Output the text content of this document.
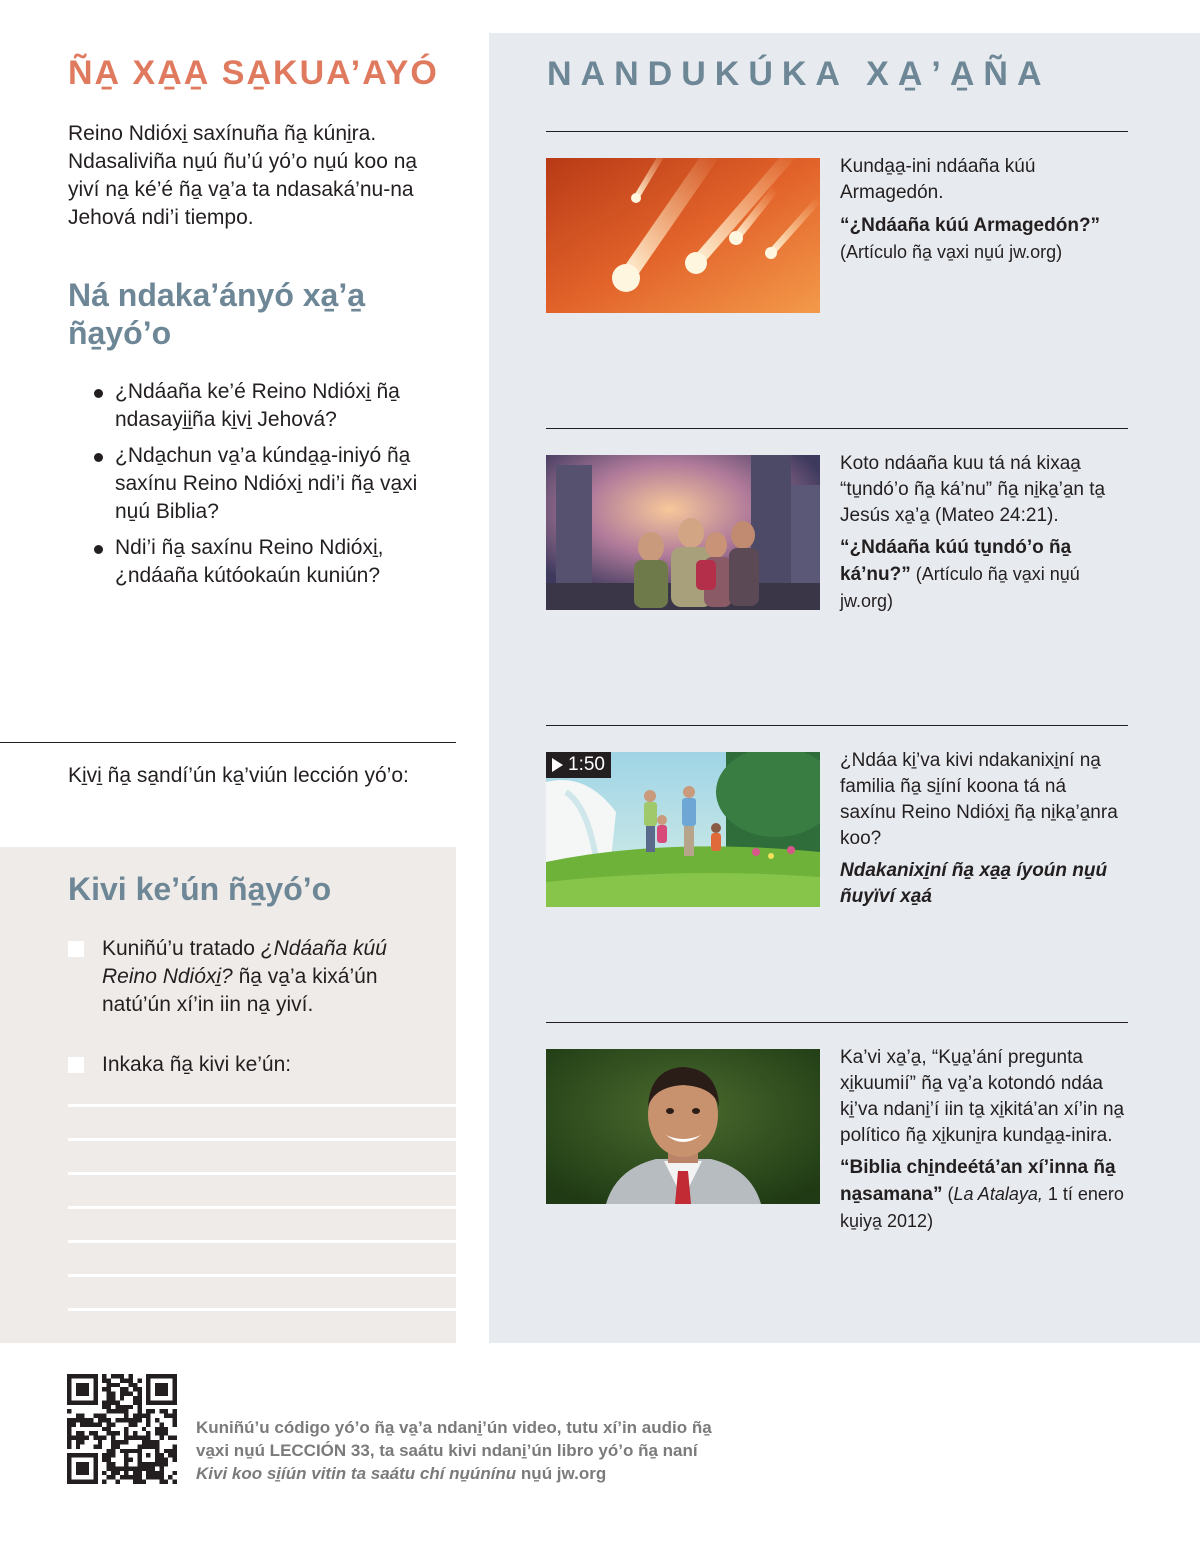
ÑA̱ XA̱A̱ SA̱KUA’AYÓ

Reino Ndióxi̱ saxínuña ña̱ kúni̱ra. Ndasaliviña nu̱ú ñu’ú yó’o nu̱ú koo na̱ yiví na̱ ké’é ña̱ va̱’a ta ndasaká’nu-na Jehová ndi’i tiempo.

Ná ndaka’ányó xa̱’a̱ ña̱yó’o
¿Ndáaña ke’é Reino Ndióxi̱ ña̱ ndasayi̱i̱ña ki̱vi̱ Jehová?
¿Nda̱chun va̱’a kúnda̱a̱-iniyó ña̱ saxínu Reino Ndióxi̱ ndi’i ña̱ va̱xi nu̱ú Biblia?
Ndi’i ña̱ saxínu Reino Ndióxi̱, ¿ndáaña kútóokaún kuniún?

Ki̱vi̱ ña̱ sa̱ndí’ún ka̱’viún lección yó’o:

Kivi ke’ún ña̱yó’o
Kuniñú’u tratado ¿Ndáaña kúú Reino Ndióxi̱? ña̱ va̱’a kixá’ún natú’ún xí’in iin na̱ yiví.
Inkaka ña̱ kivi ke’ún:
NANDUKÚKA XA̱’A̱ÑA
Kunda̱a̱-ini ndáaña kúú Armagedón.
“¿Ndáaña kúú Armagedón?” (Artículo ña̱ va̱xi nu̱ú jw.org)
Koto ndáaña kuu tá ná kixaa̱ “tu̱ndó’o ña̱ ká’nu” ña̱ ni̱ka̱’a̱n ta̱ Jesús xa̱’a̱ (Mateo 24:21).
“¿Ndáaña kúú tu̱ndó’o ña̱ ká’nu?” (Artículo ña̱ va̱xi nu̱ú jw.org)
1:50	¿Ndáa ki̱’va kivi ndakanixi̱ní na̱ familia ña̱ si̱íní koona tá ná saxínu Reino Ndióxi̱ ña̱ ni̱ka̱’a̱nra koo?
Ndakanixi̱ní ña̱ xa̱a̱ íyoún nu̱ú ñuyïví xa̱á
Ka’vi xa̱’a̱, “Ku̱a̱’ání pregunta xi̱kuumií” ña̱ va̱’a kotondó ndáa ki̱’va ndani̱’í iin ta̱ xi̱kitá’an xí’in na̱ político ña̱ xi̱kuni̱ra kunda̱a̱-inira.
“Biblia chi̱ndeétá’an xí’inna ña̱ na̱samana” (La Atalaya, 1 tí enero ku̱iya̱ 2012)

Kuniñú’u código yó’o ña̱ va̱’a ndani̱’ún video, tutu xí’in audio ña̱ va̱xi nu̱ú LECCIÓN 33, ta saátu kivi ndani̱’ún libro yó’o ña̱ naní Kivi koo si̱íún vitin ta saátu chí nu̱únínu nu̱ú jw.org
